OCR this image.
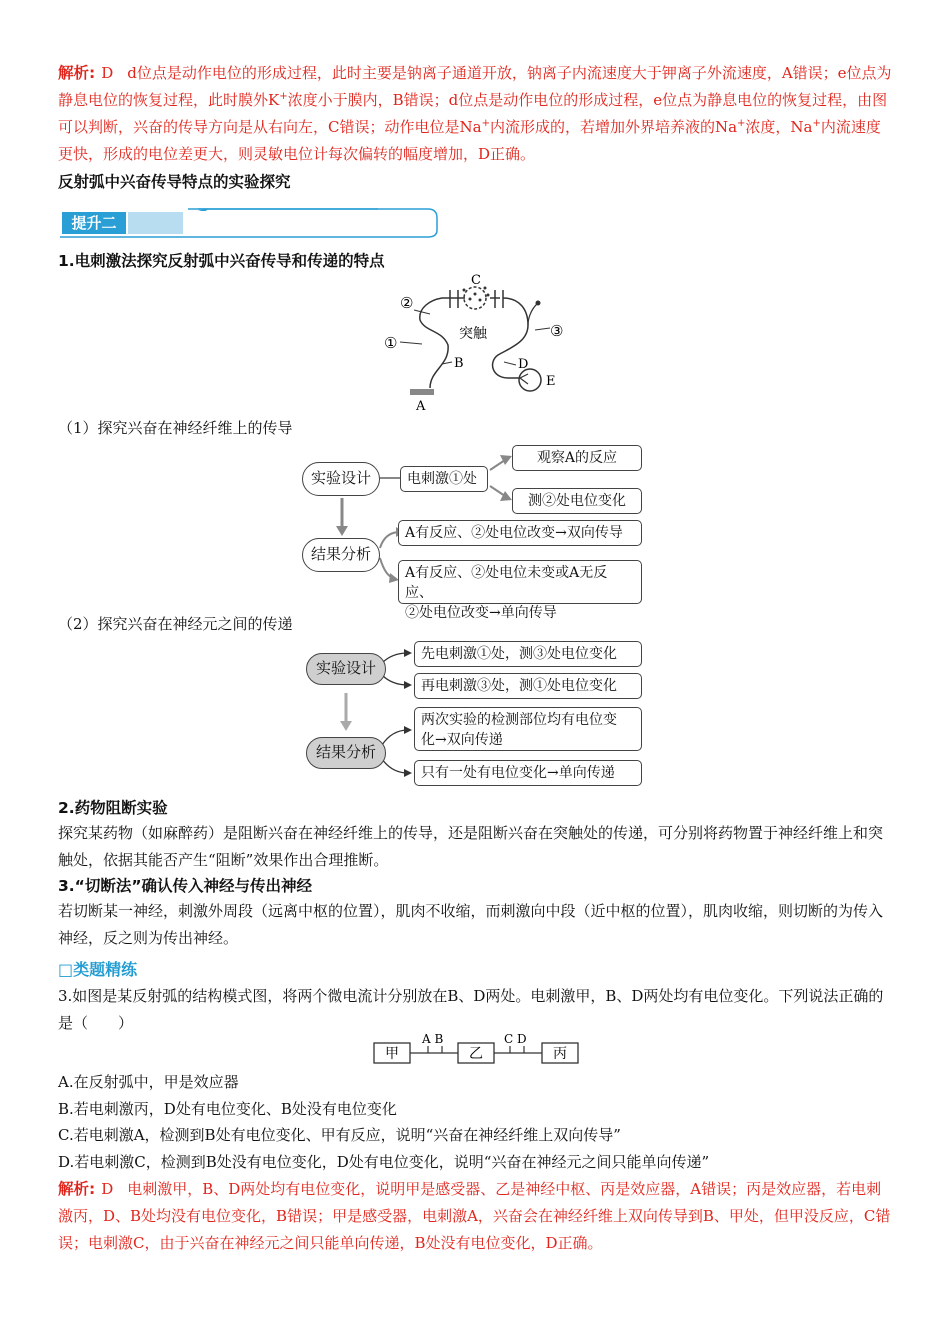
解析: D d位点是动作电位的形成过程，此时主要是钠离子通道开放，钠离子内流速度大于钾离子外流速度，A错误；e位点为静息电位的恢复过程，此时膜外K+浓度小于膜内，B错误；d位点是动作电位的形成过程，e位点为静息电位的恢复过程，由图可以判断，兴奋的传导方向是从右向左，C错误；动作电位是Na+内流形成的，若增加外界培养液的Na+浓度，Na+内流速度更快，形成的电位差更大，则灵敏电位计每次偏转的幅度增加，D正确。
反射弧中兴奋传导特点的实验探究
提升二
1.电刺激法探究反射弧中兴奋传导和传递的特点
C
②
①
③
突触
B	D
E
A
（1）探究兴奋在神经纤维上的传导
实验设计	电刺激①处
观察A的反应
测②处电位变化
结果分析
A有反应、②处电位改变→双向传导
A有反应、②处电位未变或A无反应、
②处电位改变→单向传导
（2）探究兴奋在神经元之间的传递
实验设计
先电刺激①处，测③处电位变化
再电刺激③处，测①处电位变化
结果分析
两次实验的检测部位均有电位变
化→双向传递
只有一处有电位变化→单向传递
2.药物阻断实验
探究某药物（如麻醉药）是阻断兴奋在神经纤维上的传导，还是阻断兴奋在突触处的传递，可分别将药物置于神经纤维上和突触处，依据其能否产生“阻断”效果作出合理推断。
3.“切断法”确认传入神经与传出神经
若切断某一神经，刺激外周段（远离中枢的位置），肌肉不收缩，而刺激向中段（近中枢的位置），肌肉收缩，则切断的为传入神经，反之则为传出神经。
□类题精练
3.如图是某反射弧的结构模式图，将两个微电流计分别放在B、D两处。电刺激甲，B、D两处均有电位变化。下列说法正确的是（　　）
甲	乙	丙
A B	C D
A.在反射弧中，甲是效应器
B.若电刺激丙，D处有电位变化、B处没有电位变化
C.若电刺激A，检测到B处有电位变化、甲有反应，说明“兴奋在神经纤维上双向传导”
D.若电刺激C，检测到B处没有电位变化，D处有电位变化，说明“兴奋在神经元之间只能单向传递”
解析: D 电刺激甲，B、D两处均有电位变化，说明甲是感受器、乙是神经中枢、丙是效应器，A错误；丙是效应器，若电刺激丙，D、B处均没有电位变化，B错误；甲是感受器，电刺激A，兴奋会在神经纤维上双向传导到B、甲处，但甲没反应，C错误；电刺激C，由于兴奋在神经元之间只能单向传递，B处没有电位变化，D正确。
